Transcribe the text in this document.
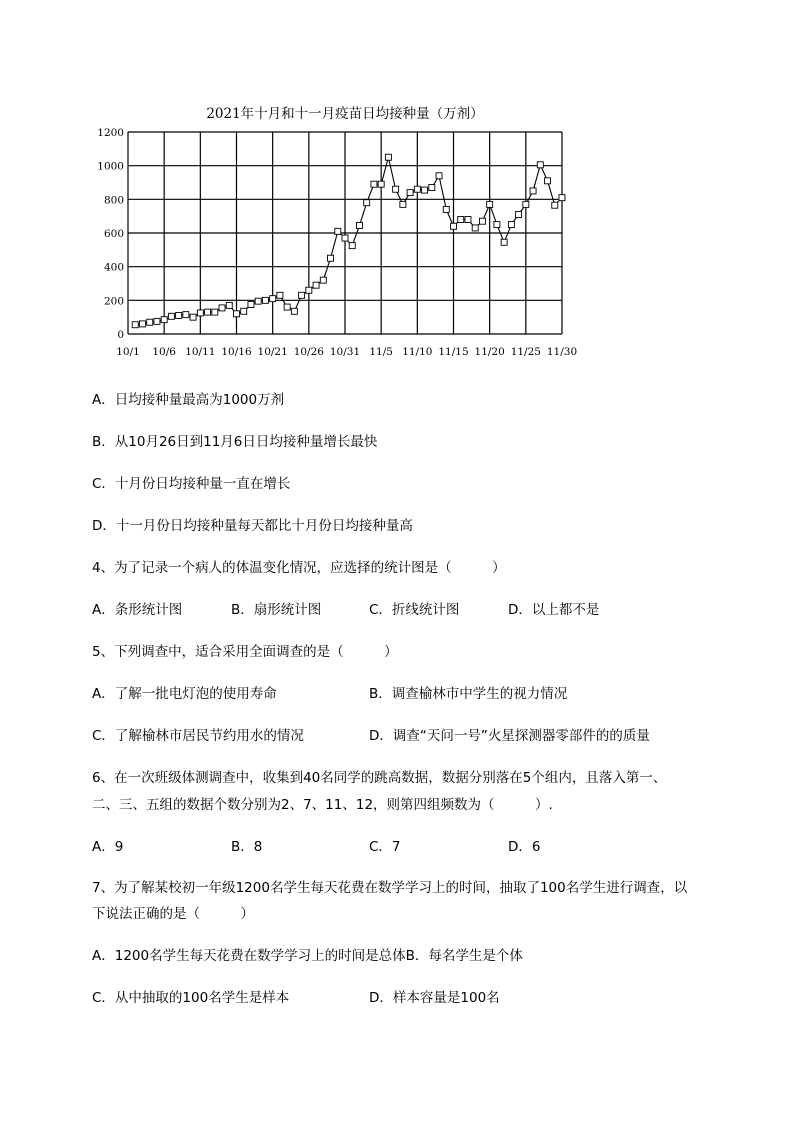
2021年十月和十一月疫苗日均接种量（万剂）
0
200
400
600
800
1000
1200
10/1 10/6 10/11 10/16 10/21 10/26 10/31 11/5 11/10 11/15 11/20 11/25 11/30
A．日均接种量最高为1000万剂
B．从10月26日到11月6日日均接种量增长最快
C．十月份日均接种量一直在增长
D．十一月份日均接种量每天都比十月份日均接种量高
4、为了记录一个病人的体温变化情况，应选择的统计图是（　　　）
A．条形统计图	B．扇形统计图	C．折线统计图	D．以上都不是
5、下列调查中，适合采用全面调查的是（　　　）
A．了解一批电灯泡的使用寿命	B．调查榆林市中学生的视力情况
C．了解榆林市居民节约用水的情况	D．调查“天问一号”火星探测器零部件的的质量
6、在一次班级体测调查中，收集到40名同学的跳高数据，数据分别落在5个组内，且落入第一、
二、三、五组的数据个数分别为2、7、11、12，则第四组频数为（　　　）.
A．9	B．8	C．7	D．6
7、为了解某校初一年级1200名学生每天花费在数学学习上的时间，抽取了100名学生进行调查，以
下说法正确的是（　　　）
A．1200名学生每天花费在数学学习上的时间是总体B．每名学生是个体
C．从中抽取的100名学生是样本	D．样本容量是100名
